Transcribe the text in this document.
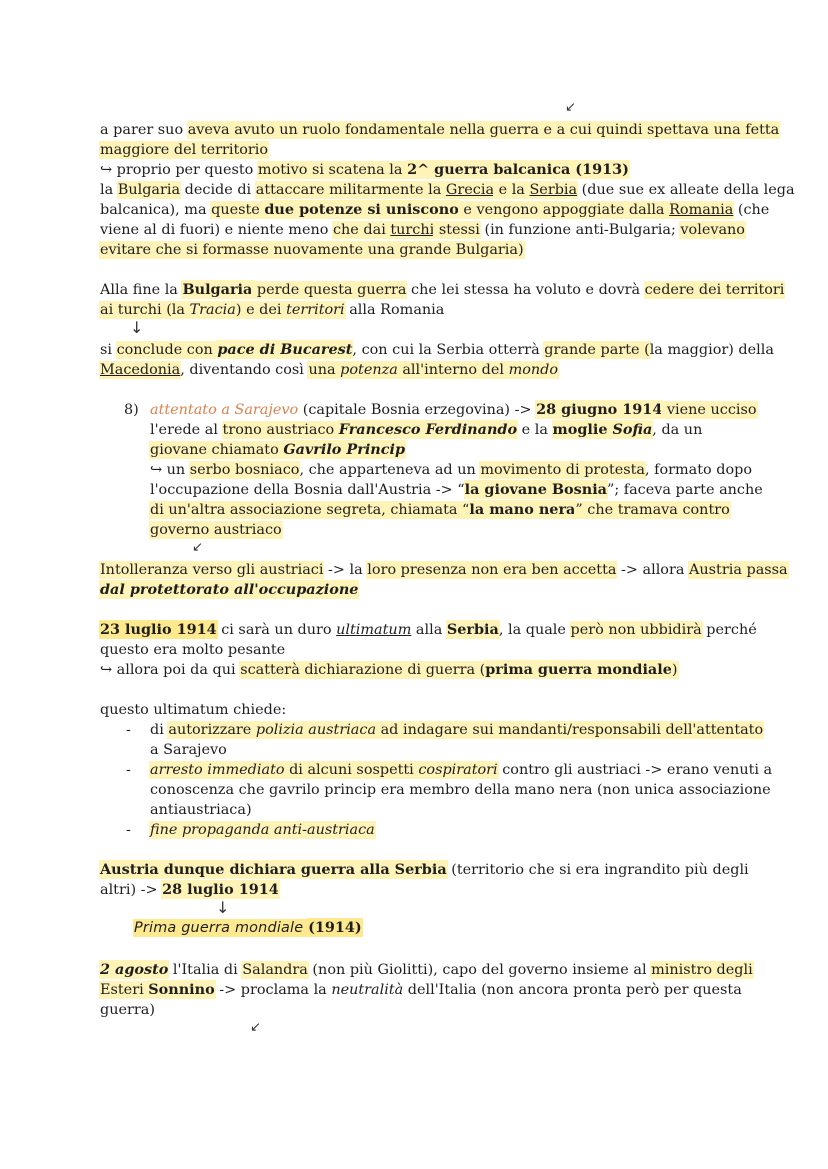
↙

a parer suo aveva avuto un ruolo fondamentale nella guerra e a cui quindi spettava una fetta

maggiore del territorio

↪ proprio per questo motivo si scatena la 2^ guerra balcanica (1913)

la Bulgaria decide di attaccare militarmente la Grecia e la Serbia (due sue ex alleate della lega

balcanica), ma queste due potenze si uniscono e vengono appoggiate dalla Romania (che

viene al di fuori) e niente meno che dai turchi stessi (in funzione anti-Bulgaria; volevano

evitare che si formasse nuovamente una grande Bulgaria)

Alla fine la Bulgaria perde questa guerra che lei stessa ha voluto e dovrà cedere dei territori

ai turchi (la Tracia) e dei territori alla Romania

↓

si conclude con pace di Bucarest, con cui la Serbia otterrà grande parte (la maggior) della

Macedonia, diventando così una potenza all'interno del mondo

8) attentato a Sarajevo (capitale Bosnia erzegovina) -> 28 giugno 1914 viene ucciso

l'erede al trono austriaco Francesco Ferdinando e la moglie Sofia, da un

giovane chiamato Gavrilo Princip

↪ un serbo bosniaco, che apparteneva ad un movimento di protesta, formato dopo

l'occupazione della Bosnia dall'Austria -> “la giovane Bosnia”; faceva parte anche

di un'altra associazione segreta, chiamata “la mano nera” che tramava contro

governo austriaco

↙

Intolleranza verso gli austriaci -> la loro presenza non era ben accetta -> allora Austria passa

dal protettorato all'occupazione

23 luglio 1914 ci sarà un duro ultimatum alla Serbia, la quale però non ubbidirà perché

questo era molto pesante

↪ allora poi da qui scatterà dichiarazione di guerra (prima guerra mondiale)

questo ultimatum chiede:

- di autorizzare polizia austriaca ad indagare sui mandanti/responsabili dell'attentato

a Sarajevo

- arresto immediato di alcuni sospetti cospiratori contro gli austriaci -> erano venuti a

conoscenza che gavrilo princip era membro della mano nera (non unica associazione

antiaustriaca)

- fine propaganda anti-austriaca

Austria dunque dichiara guerra alla Serbia (territorio che si era ingrandito più degli

altri) -> 28 luglio 1914

↓

Prima guerra mondiale (1914)

2 agosto l'Italia di Salandra (non più Giolitti), capo del governo insieme al ministro degli

Esteri Sonnino -> proclama la neutralità dell'Italia (non ancora pronta però per questa

guerra)

↙
